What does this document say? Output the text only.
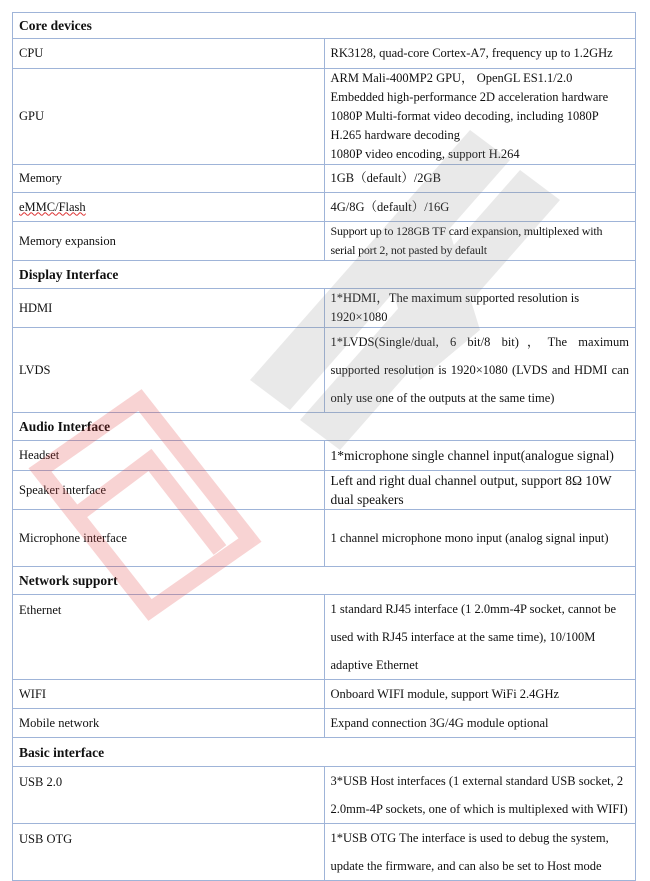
Core devices	
CPU	RK3128, quad-core Cortex-A7, frequency up to 1.2GHz
GPU	ARM Mali-400MP2 GPU， OpenGL ES1.1/2.0
Embedded high-performance 2D acceleration hardware
1080P Multi-format video decoding, including 1080P H.265 hardware decoding
1080P video encoding, support H.264

Memory	1GB（default）/2GB
eMMC/Flash	4G/8G（default）/16G
Memory expansion	Support up to 128GB TF card expansion, multiplexed with serial port 2, not pasted by default
Display Interface	
HDMI	1*HDMI，The maximum supported resolution is 1920×1080
LVDS	1*LVDS(Single/dual, 6 bit/8 bit)，The maximum supported resolution is 1920×1080 (LVDS and HDMI can only use one of the outputs at the same time)
Audio Interface	
Headset	1*microphone single channel input(analogue signal)
Speaker interface	Left and right dual channel output, support 8Ω 10W dual speakers
Microphone interface	1 channel microphone mono input (analog signal input)
Network support	
Ethernet	1 standard RJ45 interface (1 2.0mm-4P socket, cannot be used with RJ45 interface at the same time), 10/100M adaptive Ethernet
WIFI	Onboard WIFI module, support WiFi 2.4GHz
Mobile network	Expand connection 3G/4G module optional
Basic interface	
USB 2.0	3*USB Host interfaces (1 external standard USB socket, 2 2.0mm-4P sockets, one of which is multiplexed with WIFI)
USB OTG	1*USB OTG The interface is used to debug the system, update the firmware, and can also be set to Host mode
